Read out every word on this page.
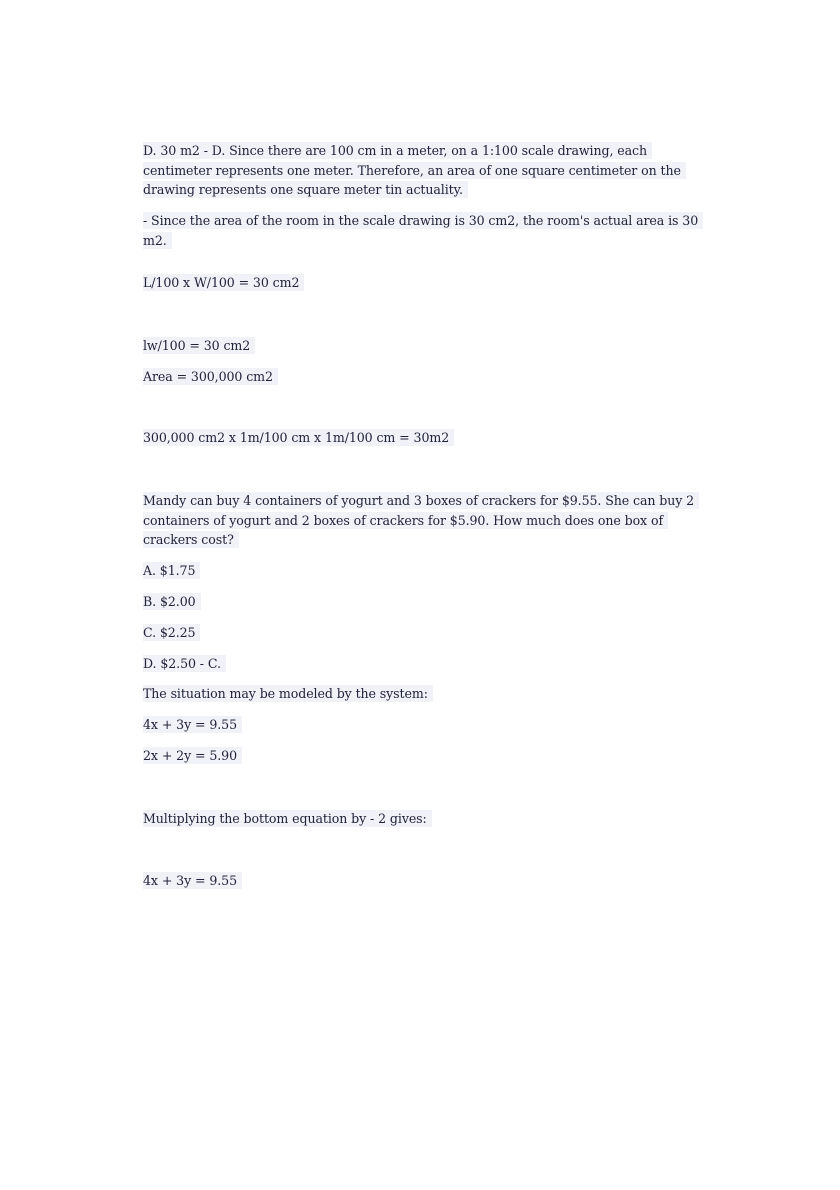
D. 30 m2 - D. Since there are 100 cm in a meter, on a 1:100 scale drawing, each centimeter represents one meter. Therefore, an area of one square centimeter on the drawing represents one square meter tin actuality.
- Since the area of the room in the scale drawing is 30 cm2, the room's actual area is 30 m2.
L/100 x W/100 = 30 cm2
lw/100 = 30 cm2
Area = 300,000 cm2
300,000 cm2 x 1m/100 cm x 1m/100 cm = 30m2
Mandy can buy 4 containers of yogurt and 3 boxes of crackers for $9.55. She can buy 2 containers of yogurt and 2 boxes of crackers for $5.90. How much does one box of crackers cost?
A. $1.75
B. $2.00
C. $2.25
D. $2.50 - C.
The situation may be modeled by the system:
4x + 3y = 9.55
2x + 2y = 5.90
Multiplying the bottom equation by - 2 gives:
4x + 3y = 9.55
